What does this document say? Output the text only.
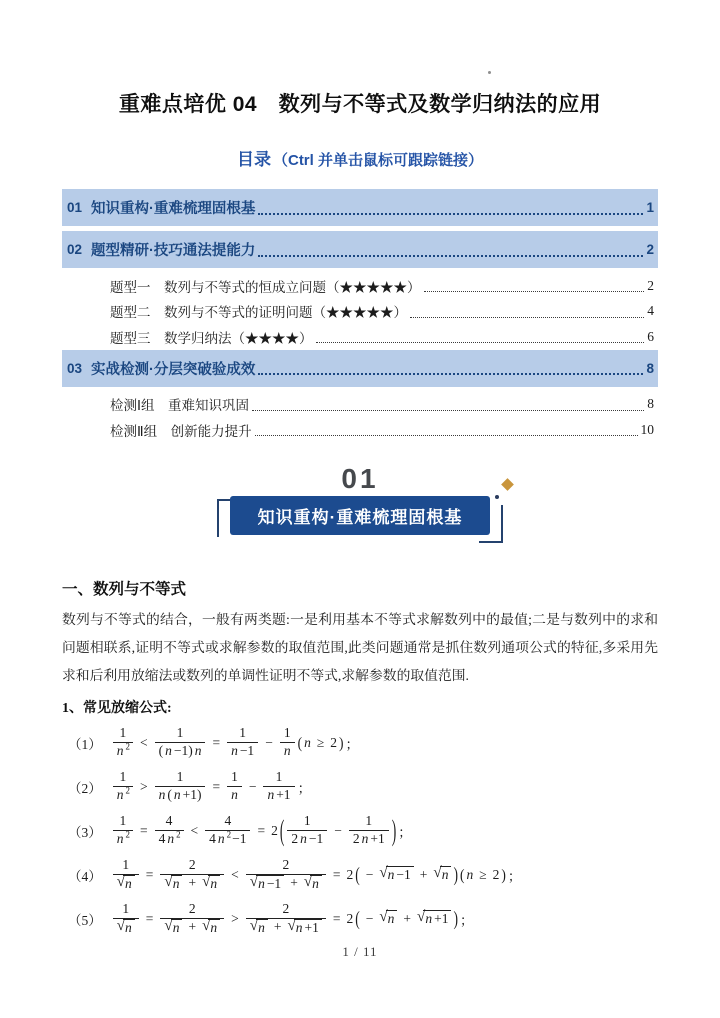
重难点培优 04　数列与不等式及数学归纳法的应用
目录 （Ctrl 并单击鼠标可跟踪链接）
01 知识重构·重难梳理固根基	1
02 题型精研·技巧通法提能力	2
题型一　数列与不等式的恒成立问题（★★★★★）	2
题型二　数列与不等式的证明问题（★★★★★）	4
题型三　数学归纳法（★★★★）	6
03 实战检测·分层突破验成效	8
检测Ⅰ组　重难知识巩固	8
检测Ⅱ组　创新能力提升	10
01
知识重构·重难梳理固根基
一、数列与不等式
数列与不等式的结合，一般有两类题:一是利用基本不等式求解数列中的最值;二是与数列中的求和问题相联系,证明不等式或求解参数的取值范围,此类问题通常是抓住数列通项公式的特征,多采用先求和后利用放缩法或数列的单调性证明不等式,求解参数的取值范围.
1、常见放缩公式:
$(1) \frac{1}{n 2} < \frac{1}{( n -1) n} = \frac{1}{n -1} - \frac{1}{n}$ ( n ≥ 2 ) ；
$(2) \frac{1}{n 2} > \frac{1}{n ( n +1)} = \frac{1}{n} - \frac{1}{n +1}$ ；
$(3) \frac{1}{n 2} = \frac{4}{4 n 2} < \frac{4}{4 n 2 -1} = 2$ ( $\frac{1}{2 n -1} - \frac{1}{2 n +1}$ ) ；
$(4) \frac{1}{√ n} = \frac{2}{√ n + √ n} < \frac{2}{√ n -1 + √ n} = 2$ ( − √ n −1 + √ n ) ( n ≥ 2 ) ；
$(5) \frac{1}{√ n} = \frac{2}{√ n + √ n} > \frac{2}{√ n + √ n +1} = 2$ ( − √ n + √ n +1 ) ；
1 / 11
